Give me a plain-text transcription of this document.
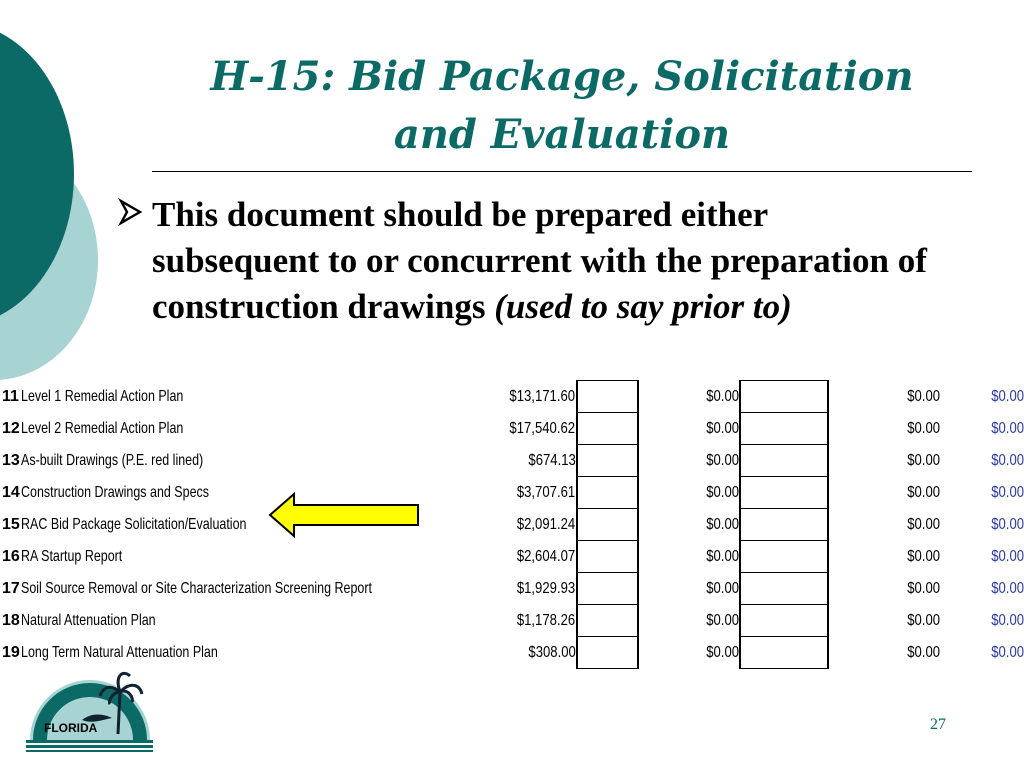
H-15: Bid Package, Solicitation
and Evaluation
This document should be prepared either subsequent to or concurrent with the preparation of construction drawings (used to say prior to)
11	Level 1 Remedial Action Plan	$13,171.60		$0.00		$0.00	$0.00
12	Level 2 Remedial Action Plan	$17,540.62		$0.00		$0.00	$0.00
13	As-built Drawings (P.E. red lined)	$674.13		$0.00		$0.00	$0.00
14	Construction Drawings and Specs	$3,707.61		$0.00		$0.00	$0.00
15	RAC Bid Package Solicitation/Evaluation	$2,091.24		$0.00		$0.00	$0.00
16	RA Startup Report	$2,604.07		$0.00		$0.00	$0.00
17	Soil Source Removal or Site Characterization Screening Report	$1,929.93		$0.00		$0.00	$0.00
18	Natural Attenuation Plan	$1,178.26		$0.00		$0.00	$0.00
19	Long Term Natural Attenuation Plan	$308.00		$0.00		$0.00	$0.00
FLORIDA	27
